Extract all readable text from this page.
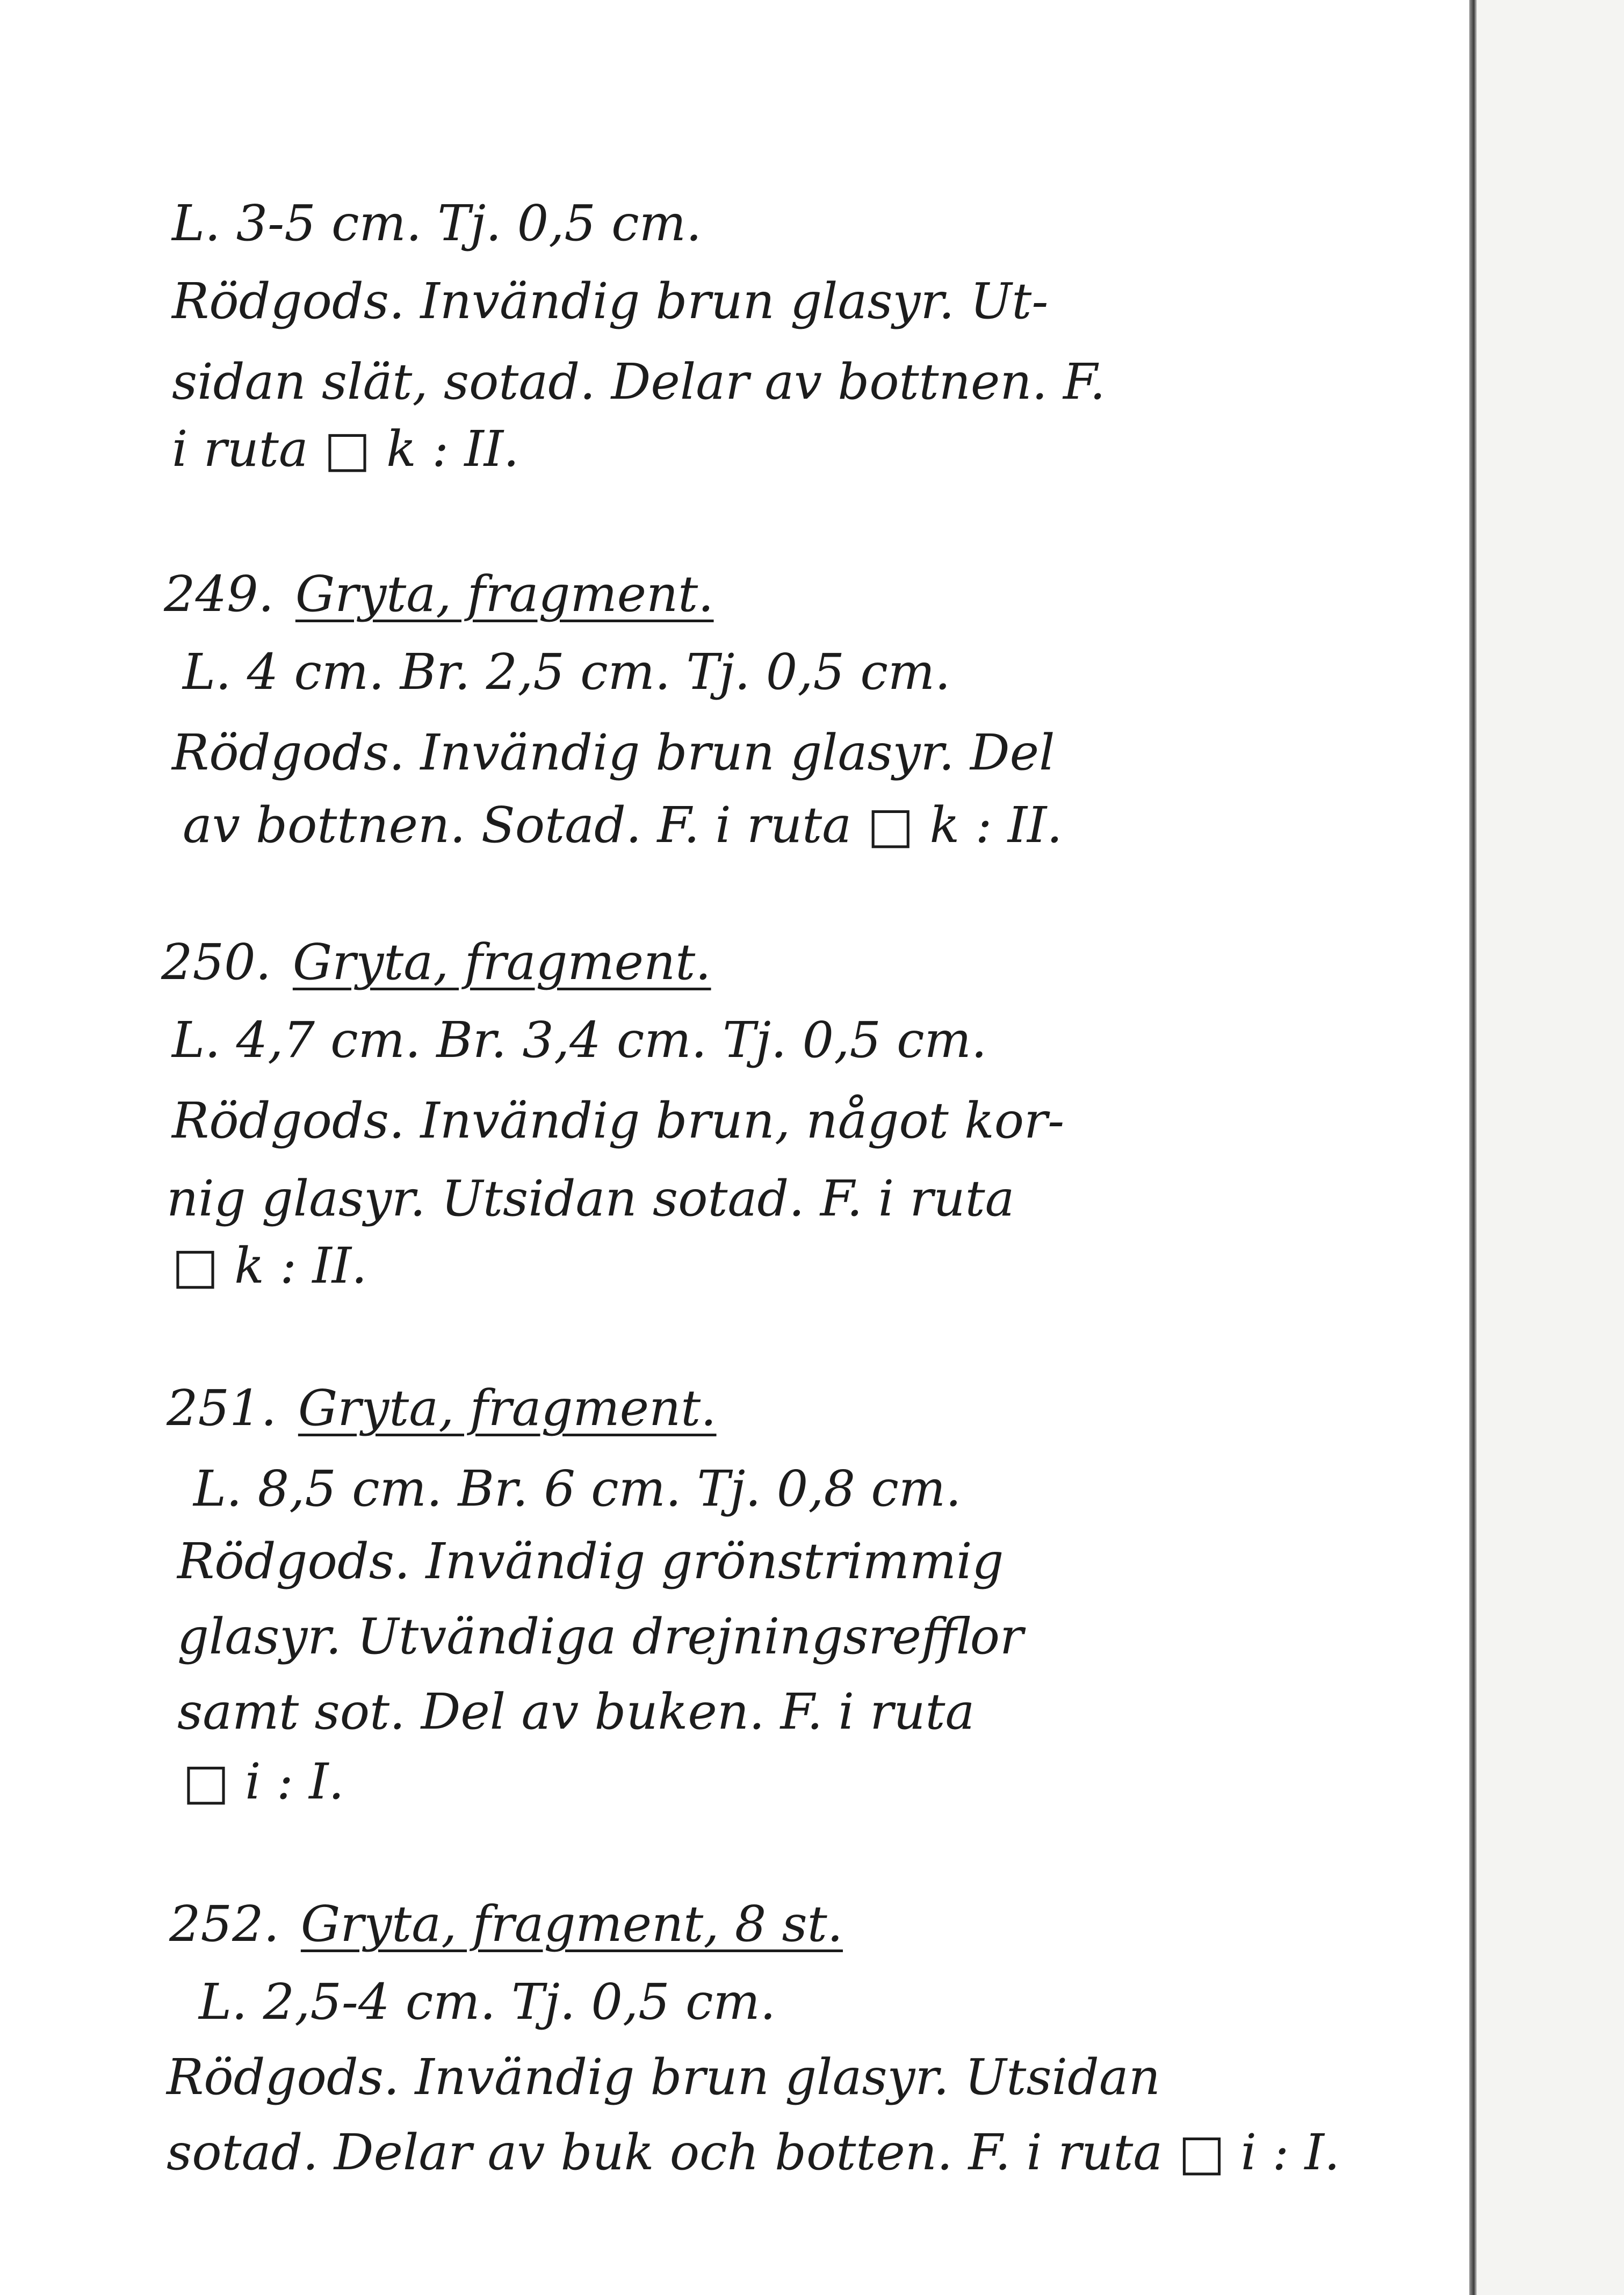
L. 3-5 cm. Tj. 0,5 cm.
Rödgods. Invändig brun glasyr. Ut-
sidan slät, sotad. Delar av bottnen. F.
i ruta □ k : II.
249. Gryta, fragment.
L. 4 cm. Br. 2,5 cm. Tj. 0,5 cm.
Rödgods. Invändig brun glasyr. Del
av bottnen. Sotad. F. i ruta □ k : II.
250. Gryta, fragment.
L. 4,7 cm. Br. 3,4 cm. Tj. 0,5 cm.
Rödgods. Invändig brun, något kor-
nig glasyr. Utsidan sotad. F. i ruta
□ k : II.
251. Gryta, fragment.
L. 8,5 cm. Br. 6 cm. Tj. 0,8 cm.
Rödgods. Invändig grönstrimmig
glasyr. Utvändiga drejningsrefflor
samt sot. Del av buken. F. i ruta
□ i : I.
252. Gryta, fragment, 8 st.
L. 2,5-4 cm. Tj. 0,5 cm.
Rödgods. Invändig brun glasyr. Utsidan
sotad. Delar av buk och botten. F. i ruta □ i : I.
